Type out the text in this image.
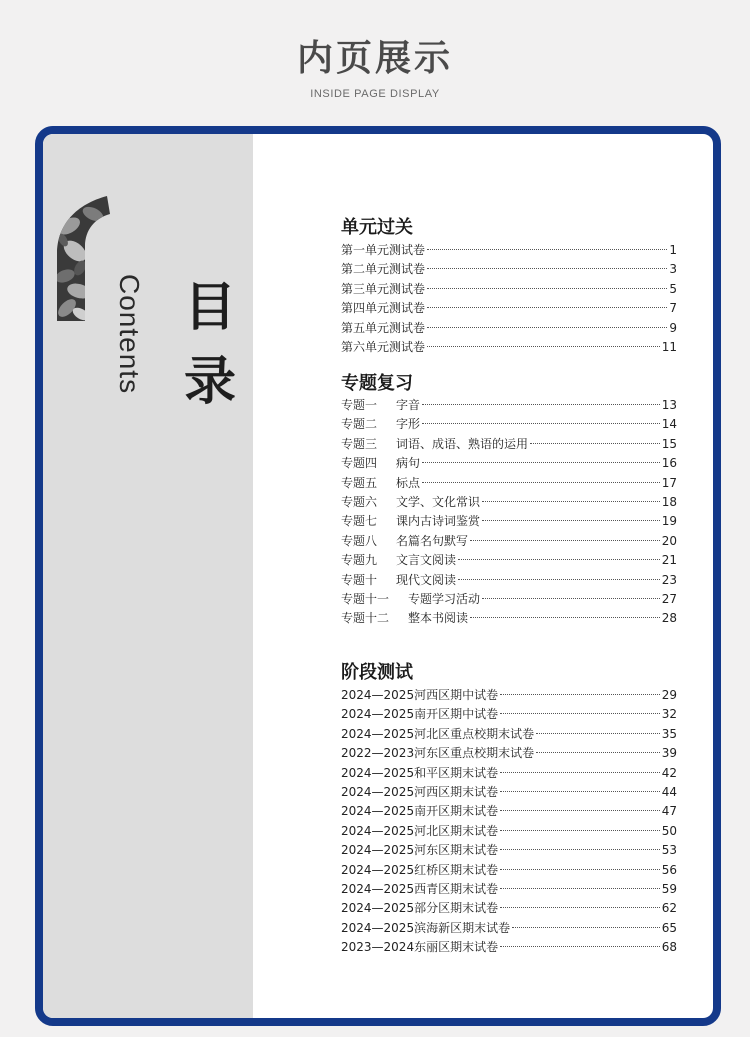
内页展示
INSIDE PAGE DISPLAY
Contents 目
录
单元过关
第一单元测试卷	1
第二单元测试卷	3
第三单元测试卷	5
第四单元测试卷	7
第五单元测试卷	9
第六单元测试卷	11
专题复习
专题一 字音	13
专题二 字形	14
专题三 词语、成语、熟语的运用	15
专题四 病句	16
专题五 标点	17
专题六 文学、文化常识	18
专题七 课内古诗词鉴赏	19
专题八 名篇名句默写	20
专题九 文言文阅读	21
专题十 现代文阅读	23
专题十一 专题学习活动	27
专题十二 整本书阅读	28
阶段测试
2024—2025河西区期中试卷	29
2024—2025南开区期中试卷	32
2024—2025河北区重点校期末试卷	35
2022—2023河东区重点校期末试卷	39
2024—2025和平区期末试卷	42
2024—2025河西区期末试卷	44
2024—2025南开区期末试卷	47
2024—2025河北区期末试卷	50
2024—2025河东区期末试卷	53
2024—2025红桥区期末试卷	56
2024—2025西青区期末试卷	59
2024—2025部分区期末试卷	62
2024—2025滨海新区期末试卷	65
2023—2024东丽区期末试卷	68
